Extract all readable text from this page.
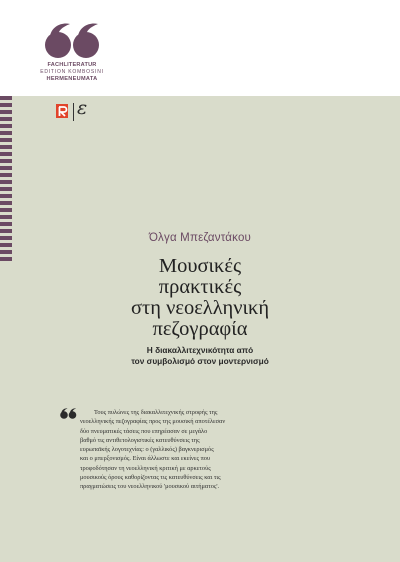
FACHLITERATUR
EDITION KOMBOSINI
HERMENEUMATA
ε
Όλγα Μπεζαντάκου
Μουσικές
πρακτικές
στη νεοελληνική
πεζογραφία
Η διακαλλιτεχνικότητα από
τον συμβολισμό στον μοντερνισμό
Τους πυλώνες της διακαλλιτεχνικής στροφής της
νεοελληνικής πεζογραφίας προς της μουσική αποτέλεσαν
δύο πνευματικές τάσεις που επηρέασαν σε μεγάλο
βαθμό τις αντιθετολογιστικές κατευθύνσεις της
ευρωπαϊκής λογοτεχνίας: ο (γαλλικός) βαγκνερισμός
και ο μπερξονισμός. Είναι άλλωστε και εκείνες που
τροφοδότησαν τη νεοελληνική κριτική με αρκετούς
μουσικούς όρους καθορίζοντας τις κατευθύνσεις και τις
πραγματώσεις του νεοελληνικού 'μουσικού αιτήματος'.
